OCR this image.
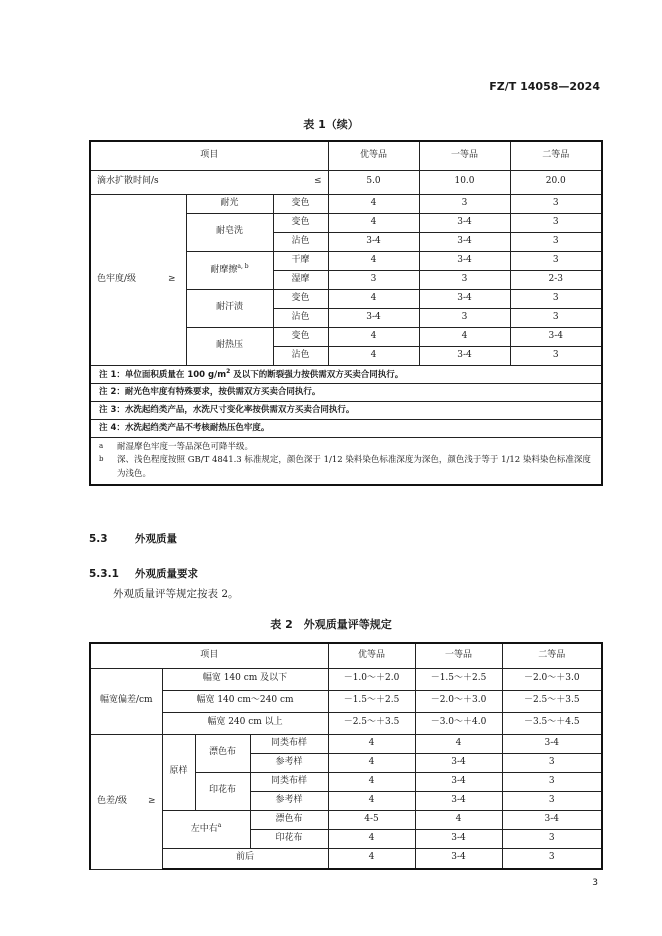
FZ/T 14058—2024
表 1（续）
项目			优等品	一等品	二等品

滴水扩散时间/s ≤			5.0	10.0	20.0

色牢度/级 ≥	耐光	变色	4	3	3
	耐皂洗	变色	4	3-4	3
		沾色	3-4	3-4	3
	耐摩擦$^{a, b}$	干摩	4	3-4	3
		湿摩	3	3	2-3
	耐汗渍	变色	4	3-4	3
		沾色	3-4	3	3
	耐热压	变色	4	4	3-4
		沾色	4	3-4	3
注 1：单位面积质量在 100 $g/m^2$ 及以下的断裂强力按供需双方买卖合同执行。					
注 2：耐光色牢度有特殊要求，按供需双方买卖合同执行。					
注 3：水洗起绉类产品，水洗尺寸变化率按供需双方买卖合同执行。					
注 4：水洗起绉类产品不考核耐热压色牢度。					

a 耐湿摩色牢度一等品深色可降半级。
b 深、浅色程度按照 GB/T 4841.3 标准规定，颜色深于 1/12 染料染色标准深度为深色，颜色浅于等于 1/12 染料染色标准深度为浅色。					
5.3	外观质量
5.3.1 外观质量要求
外观质量评等规定按表 2。
表 2　外观质量评等规定
项目				优等品	一等品	二等品
幅宽偏差/cm	幅宽 140 cm 及以下			－1.0～＋2.0	－1.5～＋2.5	－2.0～＋3.0
	幅宽 140 cm～240 cm			－1.5～＋2.5	－2.0～＋3.0	－2.5～＋3.5
	幅宽 240 cm 以上			－2.5～＋3.5	－3.0～＋4.0	－3.5～＋4.5

色差/级 ≥	原样	漂色布	同类布样	4	4	3-4
			参考样	4	3-4	3
		印花布	同类布样	4	3-4	3
			参考样	4	3-4	3
	左中右$^a$		漂色布	4-5	4	3-4
			印花布	4	3-4	3
	前后			4	3-4	3
3
